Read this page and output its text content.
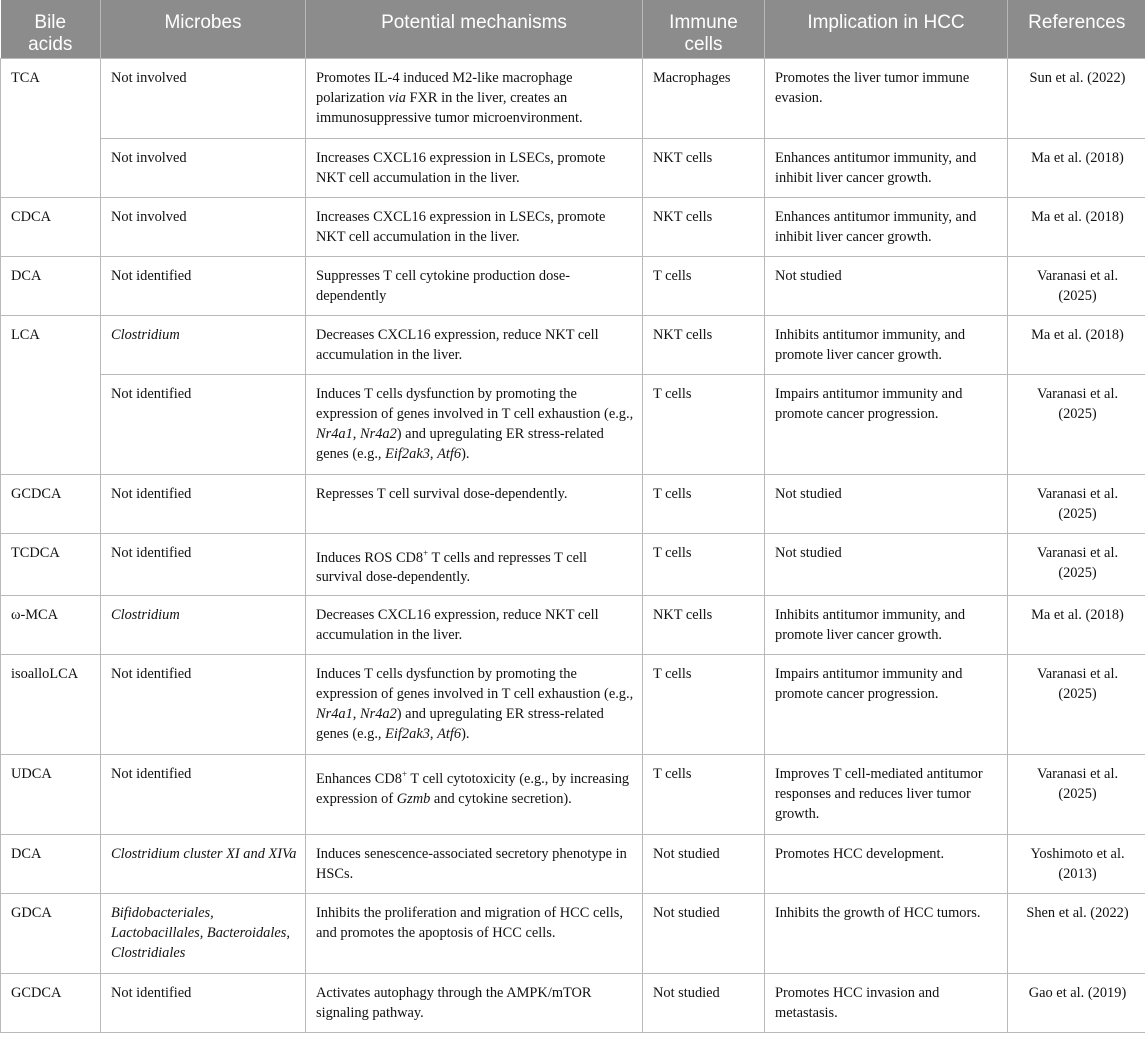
Bile acids	Microbes	Potential mechanisms	Immune cells	Implication in HCC	References
TCA	Not involved	Promotes IL-4 induced M2-like macrophage polarization via FXR in the liver, creates an immunosuppressive tumor microenvironment.	Macrophages	Promotes the liver tumor immune evasion.	Sun et al. (2022)
	Not involved	Increases CXCL16 expression in LSECs, promote NKT cell accumulation in the liver.	NKT cells	Enhances antitumor immunity, and inhibit liver cancer growth.	Ma et al. (2018)
CDCA	Not involved	Increases CXCL16 expression in LSECs, promote NKT cell accumulation in the liver.	NKT cells	Enhances antitumor immunity, and inhibit liver cancer growth.	Ma et al. (2018)
DCA	Not identified	Suppresses T cell cytokine production dose-dependently	T cells	Not studied	Varanasi et al. (2025)
LCA	Clostridium	Decreases CXCL16 expression, reduce NKT cell accumulation in the liver.	NKT cells	Inhibits antitumor immunity, and promote liver cancer growth.	Ma et al. (2018)
	Not identified	Induces T cells dysfunction by promoting the expression of genes involved in T cell exhaustion (e.g., Nr4a1, Nr4a2) and upregulating ER stress-related genes (e.g., Eif2ak3, Atf6).	T cells	Impairs antitumor immunity and promote cancer progression.	Varanasi et al. (2025)
GCDCA	Not identified	Represses T cell survival dose-dependently.	T cells	Not studied	Varanasi et al. (2025)
TCDCA	Not identified	Induces ROS CD8+ T cells and represses T cell survival dose-dependently.	T cells	Not studied	Varanasi et al. (2025)
ω-MCA	Clostridium	Decreases CXCL16 expression, reduce NKT cell accumulation in the liver.	NKT cells	Inhibits antitumor immunity, and promote liver cancer growth.	Ma et al. (2018)
isoalloLCA	Not identified	Induces T cells dysfunction by promoting the expression of genes involved in T cell exhaustion (e.g., Nr4a1, Nr4a2) and upregulating ER stress-related genes (e.g., Eif2ak3, Atf6).	T cells	Impairs antitumor immunity and promote cancer progression.	Varanasi et al. (2025)
UDCA	Not identified	Enhances CD8+ T cell cytotoxicity (e.g., by increasing expression of Gzmb and cytokine secretion).	T cells	Improves T cell-mediated antitumor responses and reduces liver tumor growth.	Varanasi et al. (2025)
DCA	Clostridium cluster XI and XIVa	Induces senescence-associated secretory phenotype in HSCs.	Not studied	Promotes HCC development.	Yoshimoto et al. (2013)
GDCA	Bifidobacteriales, Lactobacillales, Bacteroidales, Clostridiales	Inhibits the proliferation and migration of HCC cells, and promotes the apoptosis of HCC cells.	Not studied	Inhibits the growth of HCC tumors.	Shen et al. (2022)
GCDCA	Not identified	Activates autophagy through the AMPK/mTOR signaling pathway.	Not studied	Promotes HCC invasion and metastasis.	Gao et al. (2019)
